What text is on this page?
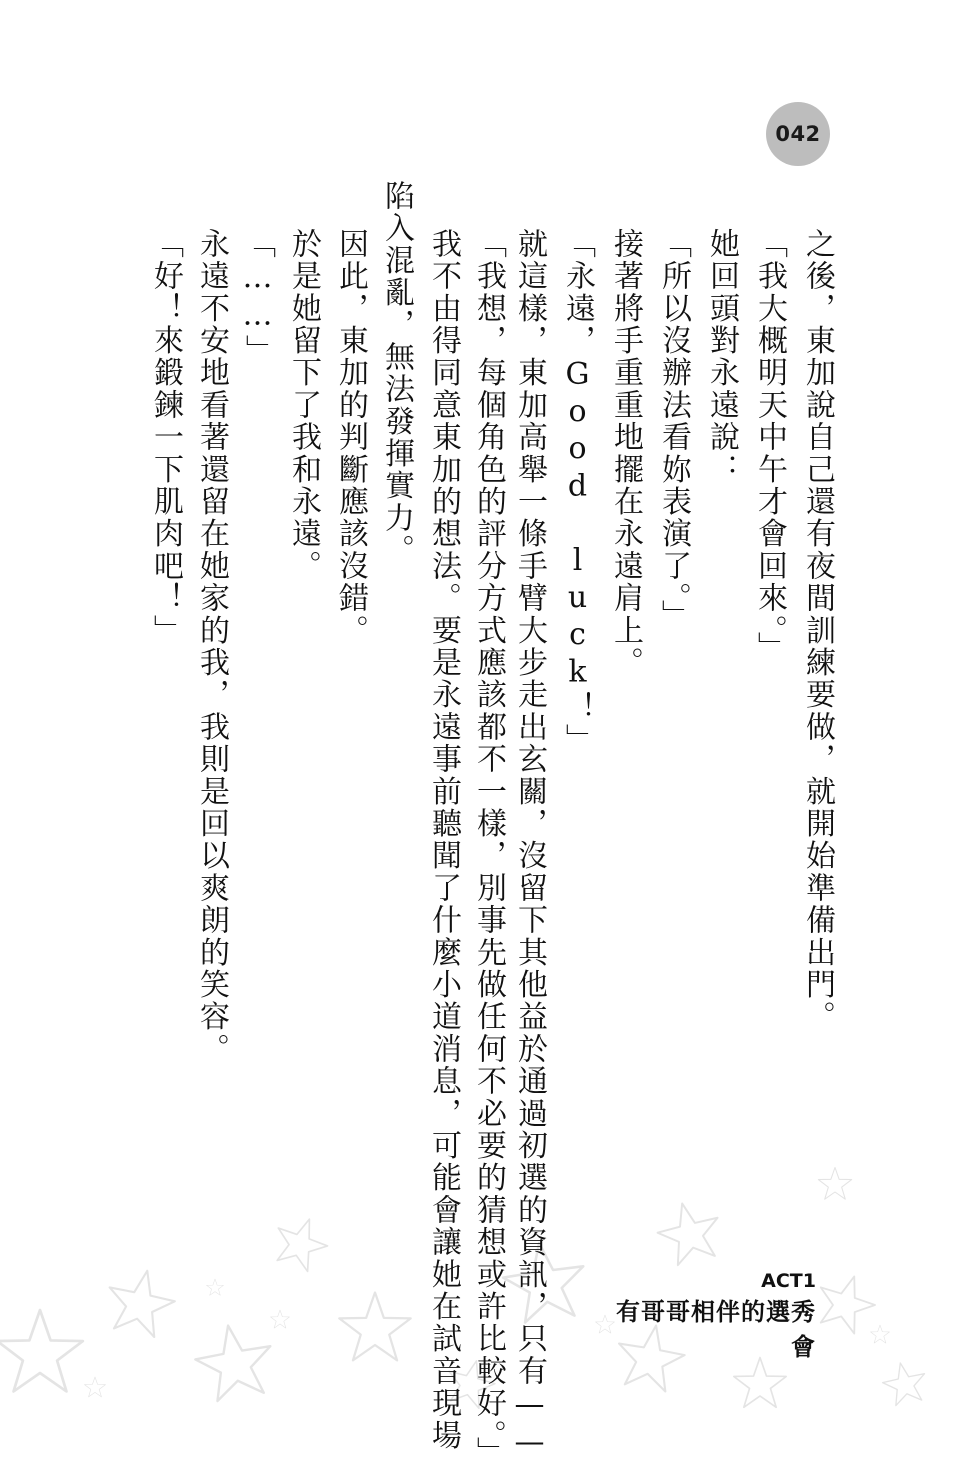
042
之後，東加說自己還有夜間訓練要做，就開始準備出門。
「我大概明天中午才會回來。」
她回頭對永遠說：
「所以沒辦法看妳表演了。」
接著將手重重地擺在永遠肩上。
「永遠，Good luck！」
就這樣，東加高舉一條手臂大步走出玄關，沒留下其他益於通過初選的資訊，只有——
「我想，每個角色的評分方式應該都不一樣，別事先做任何不必要的猜想或許比較好。」
我不由得同意東加的想法。要是永遠事前聽聞了什麼小道消息，可能會讓她在試音現場
陷入混亂，無法發揮實力。
因此，東加的判斷應該沒錯。
於是她留下了我和永遠。
「……」
永遠不安地看著還留在她家的我，我則是回以爽朗的笑容。
「好！來鍛鍊一下肌肉吧！」
ACT1
有哥哥相伴的選秀會
